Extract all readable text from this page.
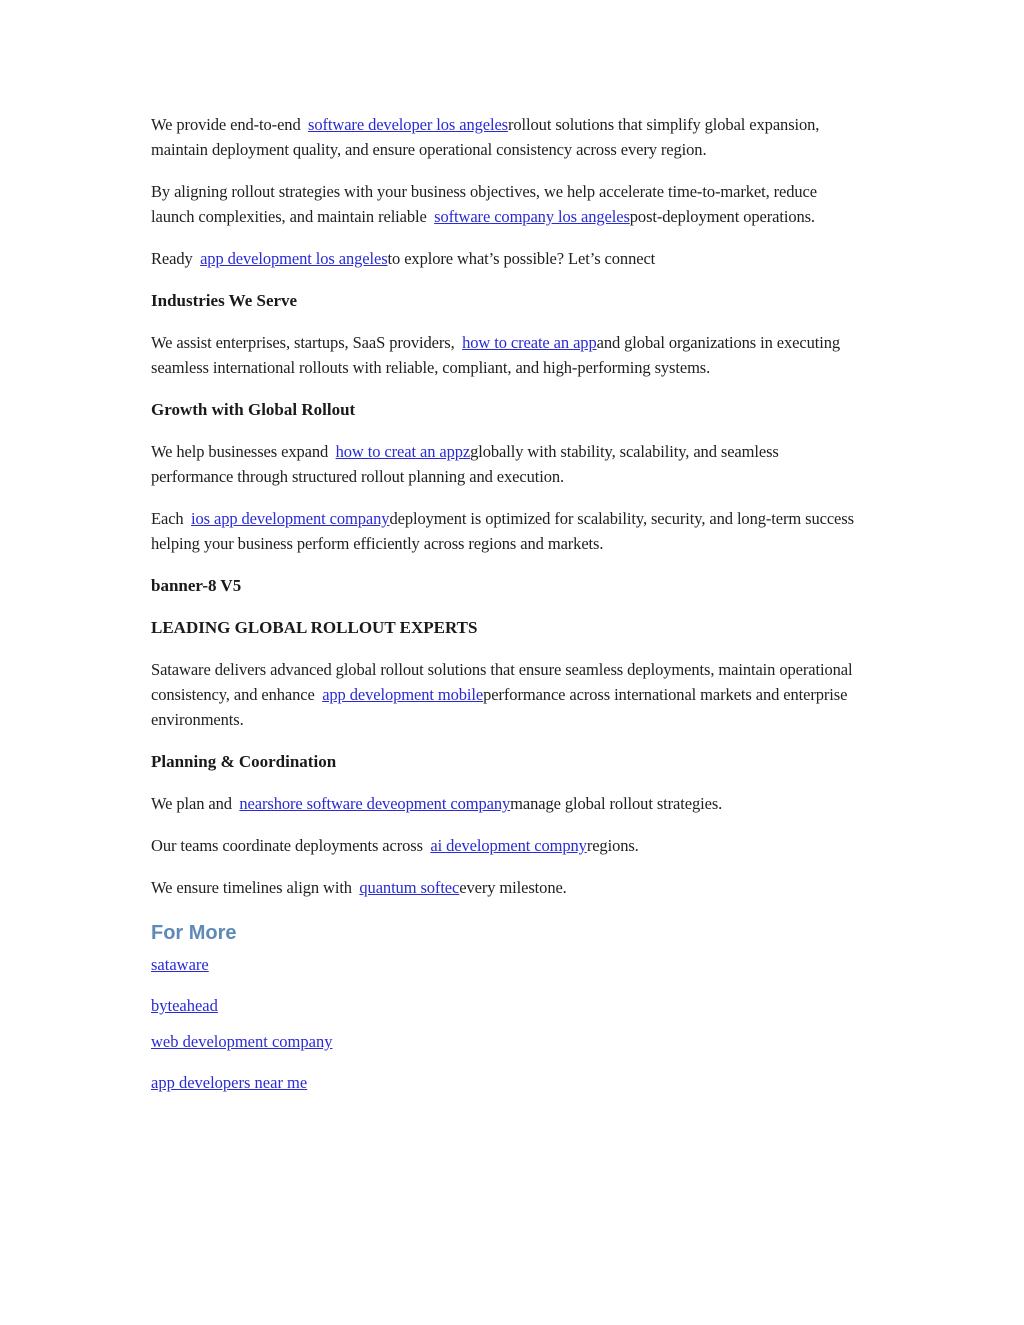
We provide end-to-end software developer los angelesrollout solutions that simplify global expansion, maintain deployment quality, and ensure operational consistency across every region.

By aligning rollout strategies with your business objectives, we help accelerate time-to-market, reduce launch complexities, and maintain reliable software company los angelespost-deployment operations.

Ready app development los angelesto explore what’s possible? Let’s connect

Industries We Serve

We assist enterprises, startups, SaaS providers, how to create an appand global organizations in executing seamless international rollouts with reliable, compliant, and high-performing systems.

Growth with Global Rollout

We help businesses expand how to creat an appzglobally with stability, scalability, and seamless performance through structured rollout planning and execution.

Each ios app development companydeployment is optimized for scalability, security, and long-term success helping your business perform efficiently across regions and markets.

banner-8 V5
LEADING GLOBAL ROLLOUT EXPERTS

Sataware delivers advanced global rollout solutions that ensure seamless deployments, maintain operational consistency, and enhance app development mobileperformance across international markets and enterprise environments.

Planning & Coordination

We plan and nearshore software deveopment companymanage global rollout strategies.

Our teams coordinate deployments across ai development compnyregions.

We ensure timelines align with quantum softecevery milestone.

For More

sataware

byteahead

web development company

app developers near me
